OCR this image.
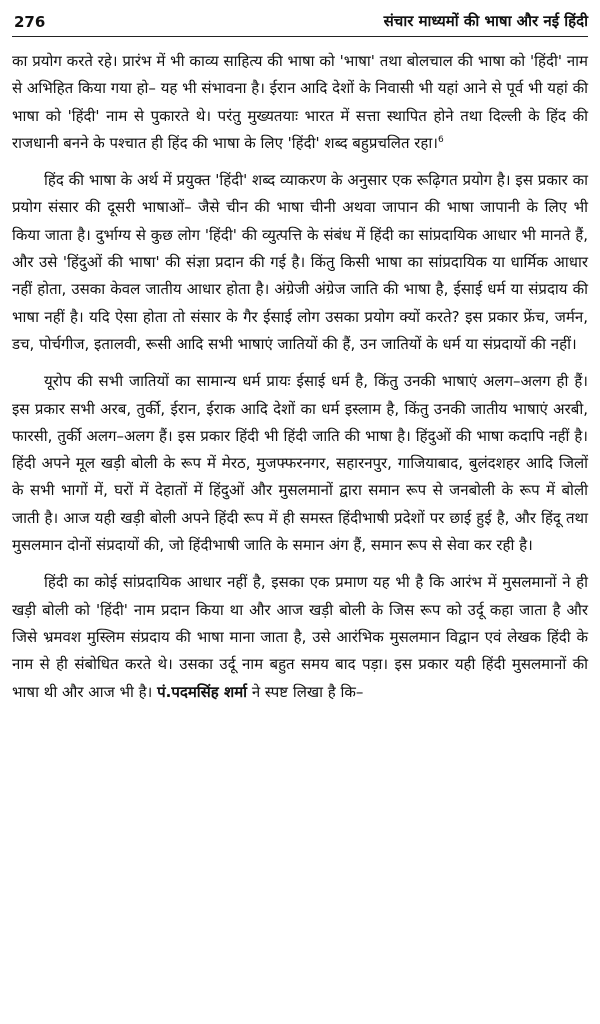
276	संचार माध्यमों की भाषा और नई हिंदी

का प्रयोग करते रहे। प्रारंभ में भी काव्य साहित्य की भाषा को 'भाषा' तथा बोलचाल की भाषा को 'हिंदी' नाम से अभिहित किया गया हो– यह भी संभावना है। ईरान आदि देशों के निवासी भी यहां आने से पूर्व भी यहां की भाषा को 'हिंदी' नाम से पुकारते थे। परंतु मुख्यतयाः भारत में सत्ता स्थापित होने तथा दिल्ली के हिंद की राजधानी बनने के पश्चात ही हिंद की भाषा के लिए 'हिंदी' शब्द बहुप्रचलित रहा।$^6$

हिंद की भाषा के अर्थ में प्रयुक्त 'हिंदी' शब्द व्याकरण के अनुसार एक रूढ़िगत प्रयोग है। इस प्रकार का प्रयोग संसार की दूसरी भाषाओं– जैसे चीन की भाषा चीनी अथवा जापान की भाषा जापानी के लिए भी किया जाता है। दुर्भाग्य से कुछ लोग 'हिंदी' की व्युत्पत्ति के संबंध में हिंदी का सांप्रदायिक आधार भी मानते हैं, और उसे 'हिंदुओं की भाषा' की संज्ञा प्रदान की गई है। किंतु किसी भाषा का सांप्रदायिक या धार्मिक आधार नहीं होता, उसका केवल जातीय आधार होता है। अंग्रेजी अंग्रेज जाति की भाषा है, ईसाई धर्म या संप्रदाय की भाषा नहीं है। यदि ऐसा होता तो संसार के गैर ईसाई लोग उसका प्रयोग क्यों करते? इस प्रकार फ्रेंच, जर्मन, डच, पोर्चगीज, इतालवी, रूसी आदि सभी भाषाएं जातियों की हैं, उन जातियों के धर्म या संप्रदायों की नहीं।

यूरोप की सभी जातियों का सामान्य धर्म प्रायः ईसाई धर्म है, किंतु उनकी भाषाएं अलग–अलग ही हैं। इस प्रकार सभी अरब, तुर्की, ईरान, ईराक आदि देशों का धर्म इस्लाम है, किंतु उनकी जातीय भाषाएं अरबी, फारसी, तुर्की अलग–अलग हैं। इस प्रकार हिंदी भी हिंदी जाति की भाषा है। हिंदुओं की भाषा कदापि नहीं है। हिंदी अपने मूल खड़ी बोली के रूप में मेरठ, मुजफ्फरनगर, सहारनपुर, गाजियाबाद, बुलंदशहर आदि जिलों के सभी भागों में, घरों में देहातों में हिंदुओं और मुसलमानों द्वारा समान रूप से जनबोली के रूप में बोली जाती है। आज यही खड़ी बोली अपने हिंदी रूप में ही समस्त हिंदीभाषी प्रदेशों पर छाई हुई है, और हिंदू तथा मुसलमान दोनों संप्रदायों की, जो हिंदीभाषी जाति के समान अंग हैं, समान रूप से सेवा कर रही है।

हिंदी का कोई सांप्रदायिक आधार नहीं है, इसका एक प्रमाण यह भी है कि आरंभ में मुसलमानों ने ही खड़ी बोली को 'हिंदी' नाम प्रदान किया था और आज खड़ी बोली के जिस रूप को उर्दू कहा जाता है और जिसे भ्रमवश मुस्लिम संप्रदाय की भाषा माना जाता है, उसे आरंभिक मुसलमान विद्वान एवं लेखक हिंदी के नाम से ही संबोधित करते थे। उसका उर्दू नाम बहुत समय बाद पड़ा। इस प्रकार यही हिंदी मुसलमानों की भाषा थी और आज भी है। पं.पदमसिंह शर्मा ने स्पष्ट लिखा है कि–
